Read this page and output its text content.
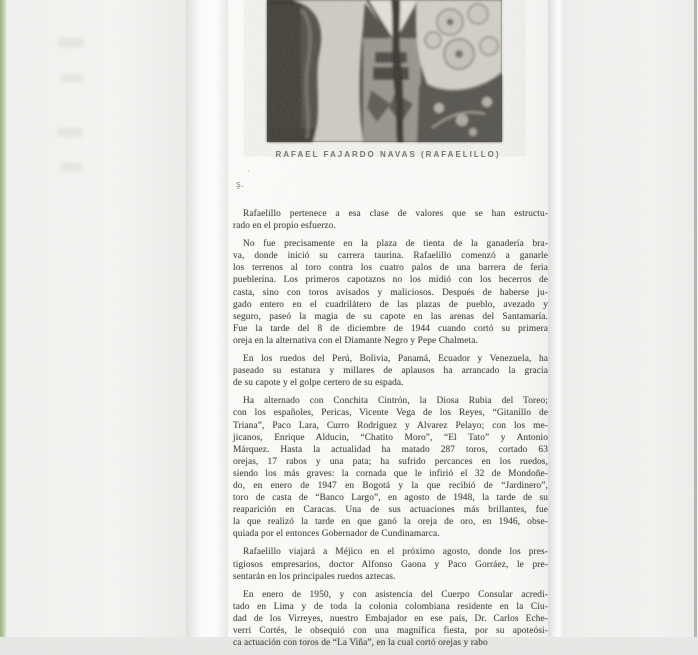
RAFAEL FAJARDO NAVAS (RAFAELILLO)
·
ş.
Rafaelillo pertenece a esa clase de valores que se han estructu-
rado en el propio esfuerzo.
No fue precisamente en la plaza de tienta de la ganadería bra-
va, donde inició su carrera taurina. Rafaelillo comenzó a ganarle
los terrenos al toro contra los cuatro palos de una barrera de feria
pueblerina. Los primeros capotazos no los midió con los becerros de
casta, sino con toros avisados y maliciosos. Después de haberse ju-
gado entero en el cuadrilátero de las plazas de pueblo, avezado y
seguro, paseó la magia de su capote en las arenas del Santamaría.
Fue la tarde del 8 de diciembre de 1944 cuando cortó su primera
oreja en la alternativa con el Diamante Negro y Pepe Chalmeta.
En los ruedos del Perú, Bolivia, Panamá, Ecuador y Venezuela, ha
paseado su estatura y millares de aplausos ha arrancado la gracia
de su capote y el golpe certero de su espada.
Ha alternado con Conchita Cintrón, la Diosa Rubia del Toreo;
con los españoles, Pericas, Vicente Vega de los Reyes, “Gitanillo de
Triana”, Paco Lara, Curro Rodríguez y Alvarez Pelayo; con los me-
jicanos, Enrique Alducin, “Chatito Moro”, “El Tato” y Antonio
Márquez. Hasta la actualidad ha matado 287 toros, cortado 63
orejas, 17 rabos y una pata; ha sufrido percances en los ruedos,
siendo los más graves: la cornada que le infirió el 32 de Mondoñe-
do, en enero de 1947 en Bogotá y la que recibió de “Jardinero”,
toro de casta de “Banco Largo”, en agosto de 1948, la tarde de su
reaparición en Caracas. Una de sus actuaciones más brillantes, fue
la que realizó la tarde en que ganó la oreja de oro, en 1946, obse-
quiada por el entonces Gobernador de Cundinamarca.
Rafaelillo viajará a Méjico en el próximo agosto, donde los pres-
tigiosos empresarios, doctor Alfonso Gaona y Paco Gorráez, le pre-
sentarán en los principales ruedos aztecas.
En enero de 1950, y con asistencia del Cuerpo Consular acredi-
tado en Lima y de toda la colonia colombiana residente en la Ciu-
dad de los Virreyes, nuestro Embajador en ese país, Dr. Carlos Eche-
verri Cortés, le obsequió con una magnífica fiesta, por su apoteósi-
ca actuación con toros de “La Viña”, en la cual cortó orejas y rabo
